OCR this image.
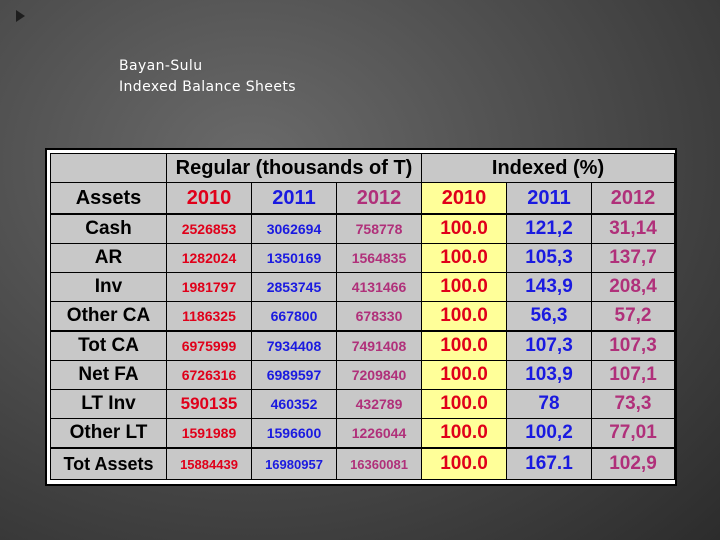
Bayan-Sulu
Indexed Balance Sheets
	Regular (thousands of T)			Indexed (%)		
Assets	2010	2011	2012	2010	2011	2012
Cash	2526853	3062694	758778	100.0	121,2	31,14
AR	1282024	1350169	1564835	100.0	105,3	137,7
Inv	1981797	2853745	4131466	100.0	143,9	208,4
Other CA	1186325	667800	678330	100.0	56,3	57,2
Tot CA	6975999	7934408	7491408	100.0	107,3	107,3
Net FA	6726316	6989597	7209840	100.0	103,9	107,1
LT Inv	590135	460352	432789	100.0	78	73,3
Other LT	1591989	1596600	1226044	100.0	100,2	77,01
Tot Assets	15884439	16980957	16360081	100.0	167.1	102,9
